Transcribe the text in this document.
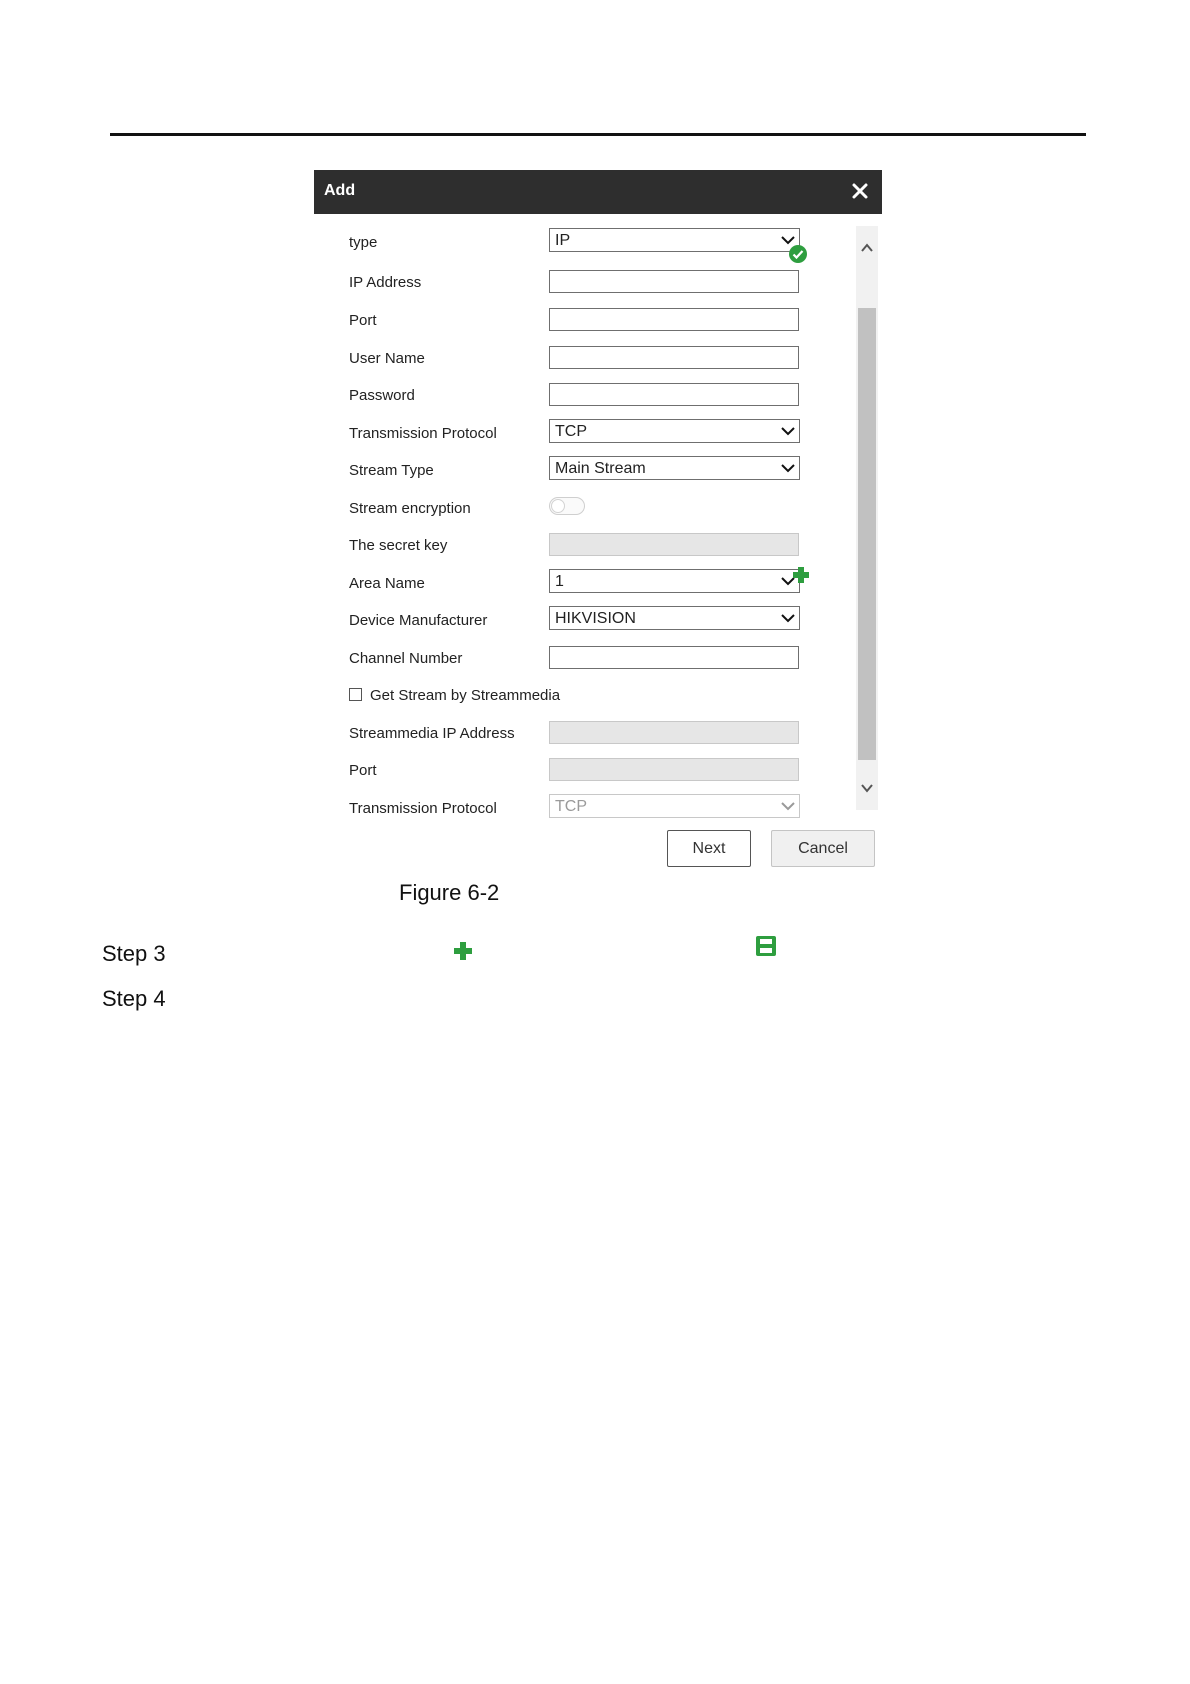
Add
type	IP
IP Address
Port
User Name
Password
Transmission Protocol	TCP
Stream Type	Main Stream
Stream encryption
The secret key
Area Name	1
Device Manufacturer	HIKVISION
Channel Number
Get Stream by Streammedia
Streammedia IP Address
Port
Transmission Protocol	TCP
Next	Cancel
Figure 6-2
Step 3
Step 4
